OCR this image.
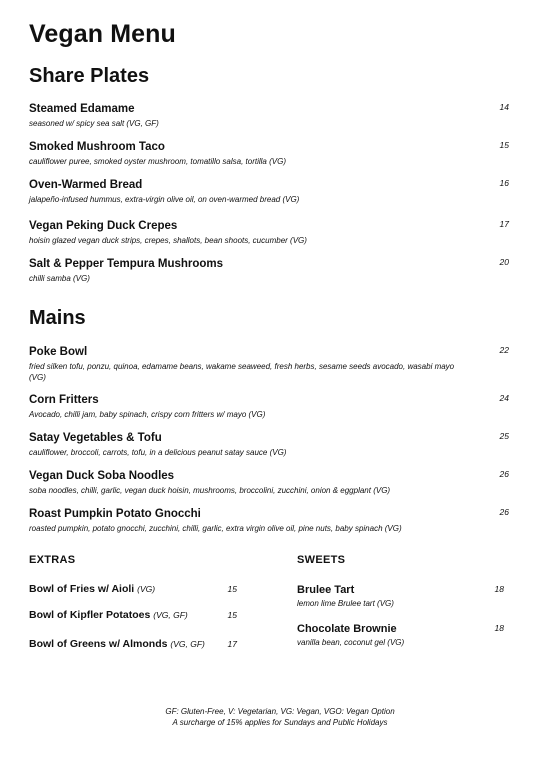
Vegan Menu
Share Plates
Steamed Edamame
seasoned w/ spicy sea salt (VG, GF)
14
Smoked Mushroom Taco
cauliflower puree, smoked oyster mushroom, tomatillo salsa, tortilla (VG)
15
Oven-Warmed Bread
jalapeño-infused hummus, extra-virgin olive oil, on oven-warmed bread (VG)
16
Vegan Peking Duck Crepes
hoisin glazed vegan duck strips, crepes, shallots, bean shoots, cucumber (VG)
17
Salt & Pepper Tempura Mushrooms
chilli samba (VG)
20
Mains
Poke Bowl
fried silken tofu, ponzu, quinoa, edamame beans, wakame seaweed, fresh herbs, sesame seeds avocado, wasabi mayo (VG)
22
Corn Fritters
Avocado, chilli jam, baby spinach, crispy corn fritters w/ mayo (VG)
24
Satay Vegetables & Tofu
cauliflower, broccoli, carrots, tofu, in a delicious peanut satay sauce (VG)
25
Vegan Duck Soba Noodles
soba noodles, chilli, garlic, vegan duck hoisin, mushrooms, broccolini, zucchini, onion & eggplant (VG)
26
Roast Pumpkin Potato Gnocchi
roasted pumpkin, potato gnocchi, zucchini, chilli, garlic, extra virgin olive oil, pine nuts, baby spinach (VG)
26
EXTRAS	SWEETS
Bowl of Fries w/ Aioli (VG)	15
Bowl of Kipfler Potatoes (VG, GF)	15
Bowl of Greens w/ Almonds (VG, GF)	17
Brulee Tart
lemon lime Brulee tart (VG)
18
Chocolate Brownie
vanilla bean, coconut gel (VG)
18
GF: Gluten-Free, V: Vegetarian, VG: Vegan, VGO: Vegan Option
A surcharge of 15% applies for Sundays and Public Holidays
